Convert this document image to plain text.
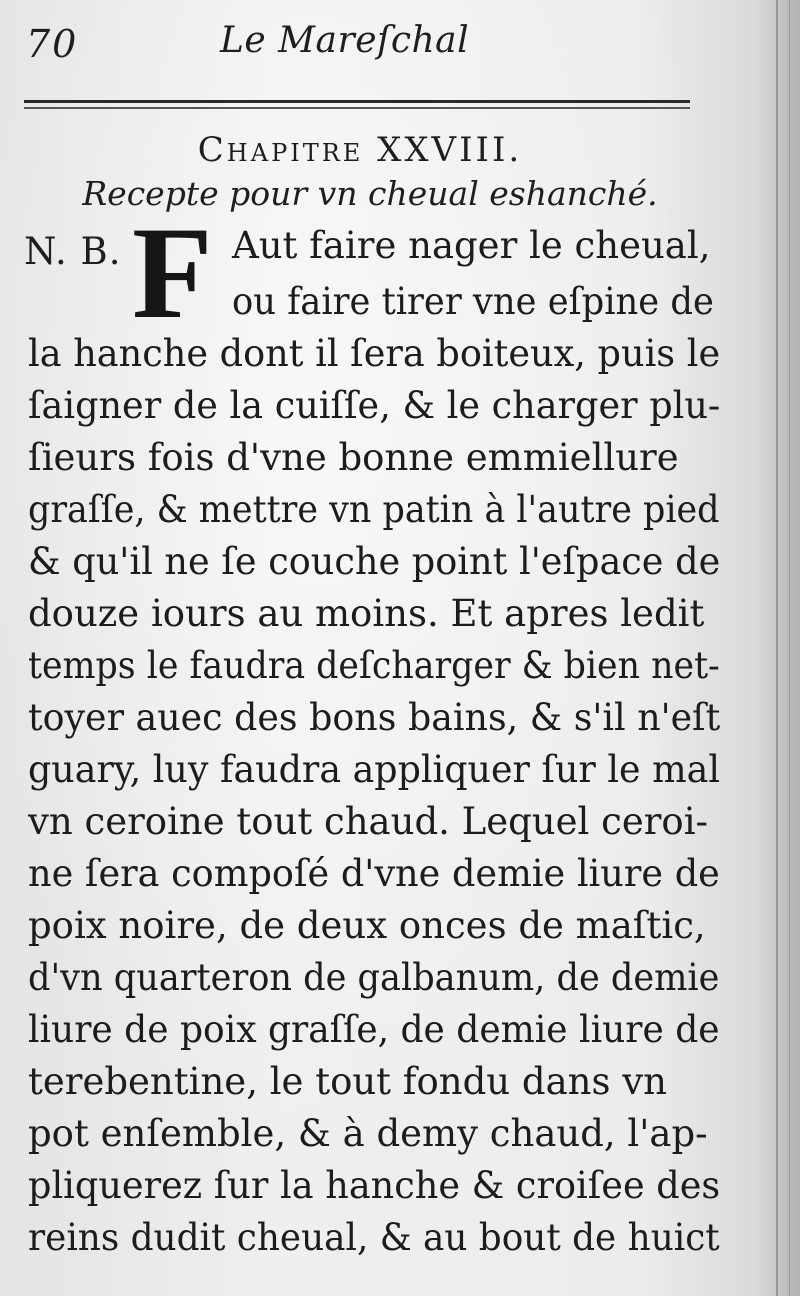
70	Le Mareſchal
Chapitre XXVIII.
Recepte pour vn cheual eshanché.
N. B. F Aut faire nager le cheual,
ou faire tirer vne eſpine de
la hanche dont il ſera boiteux, puis le
ſaigner de la cuiſſe, & le charger plu-
ſieurs fois d'vne bonne emmiellure
graſſe, & mettre vn patin à l'autre pied
& qu'il ne ſe couche point l'eſpace de
douze iours au moins. Et apres ledit
temps le faudra deſcharger & bien net-
toyer auec des bons bains, & s'il n'eſt
guary, luy faudra appliquer ſur le mal
vn ceroine tout chaud. Lequel ceroi-
ne ſera compoſé d'vne demie liure de
poix noire, de deux onces de maſtic,
d'vn quarteron de galbanum, de demie
liure de poix graſſe, de demie liure de
terebentine, le tout fondu dans vn
pot enſemble, & à demy chaud, l'ap-
pliquerez ſur la hanche & croiſee des
reins dudit cheual, & au bout de huict
